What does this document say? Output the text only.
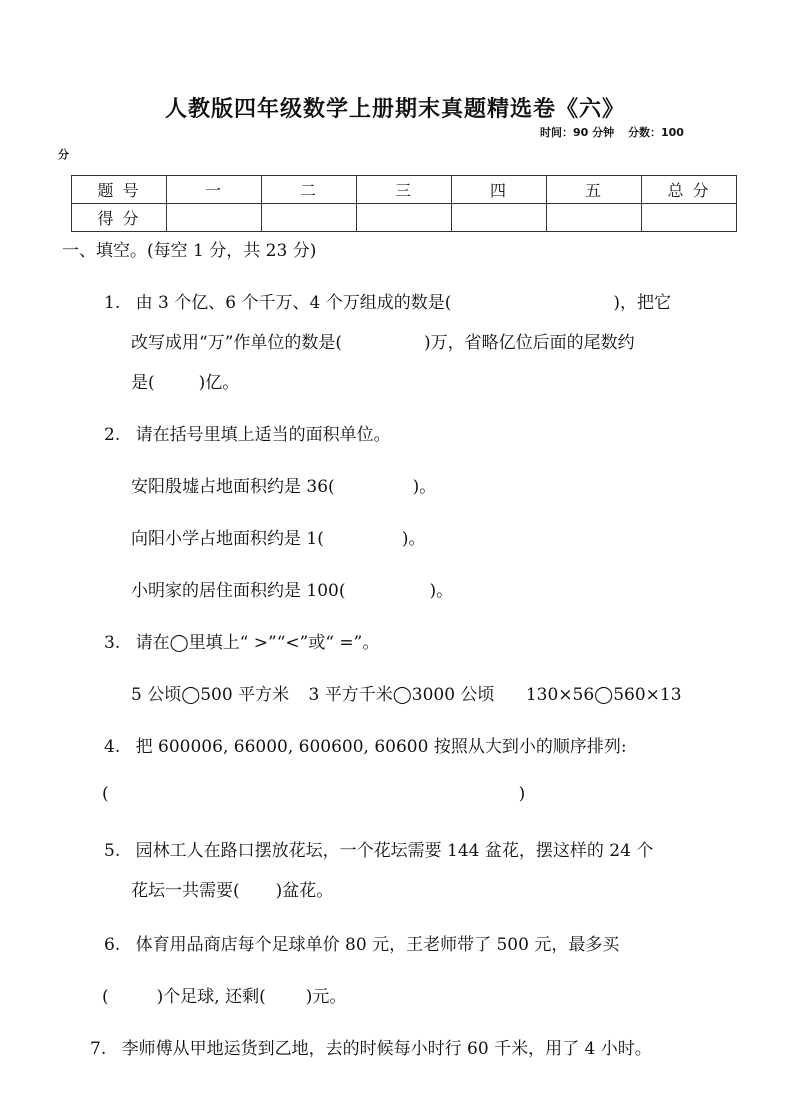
人教版四年级数学上册期末真题精选卷《六》
时间：90 分钟 分数：100
分
题 号	一	二	三	四	五	总 分
得 分						
一、填空。(每空 1 分，共 23 分)
1. 由 3 个亿、6 个千万、4 个万组成的数是(	)，把它
改写成用“万”作单位的数是(	)万，省略亿位后面的尾数约
是(	)亿。
2. 请在括号里填上适当的面积单位。
安阳殷墟占地面积约是 36(	)。
向阳小学占地面积约是 1(	)。
小明家的居住面积约是 100(	)。
3. 请在◯里填上“ >”“<”或“ =”。
5 公顷◯500 平方米 3 平方千米◯3000 公顷 130×56◯560×13
4. 把 600006, 66000, 600600, 60600 按照从大到小的顺序排列:
(	)
5. 园林工人在路口摆放花坛，一个花坛需要 144 盆花，摆这样的 24 个
花坛一共需要( )盆花。
6. 体育用品商店每个足球单价 80 元，王老师带了 500 元，最多买
(	)个足球, 还剩( )元。
7. 李师傅从甲地运货到乙地，去的时候每小时行 60 千米，用了 4 小时。
